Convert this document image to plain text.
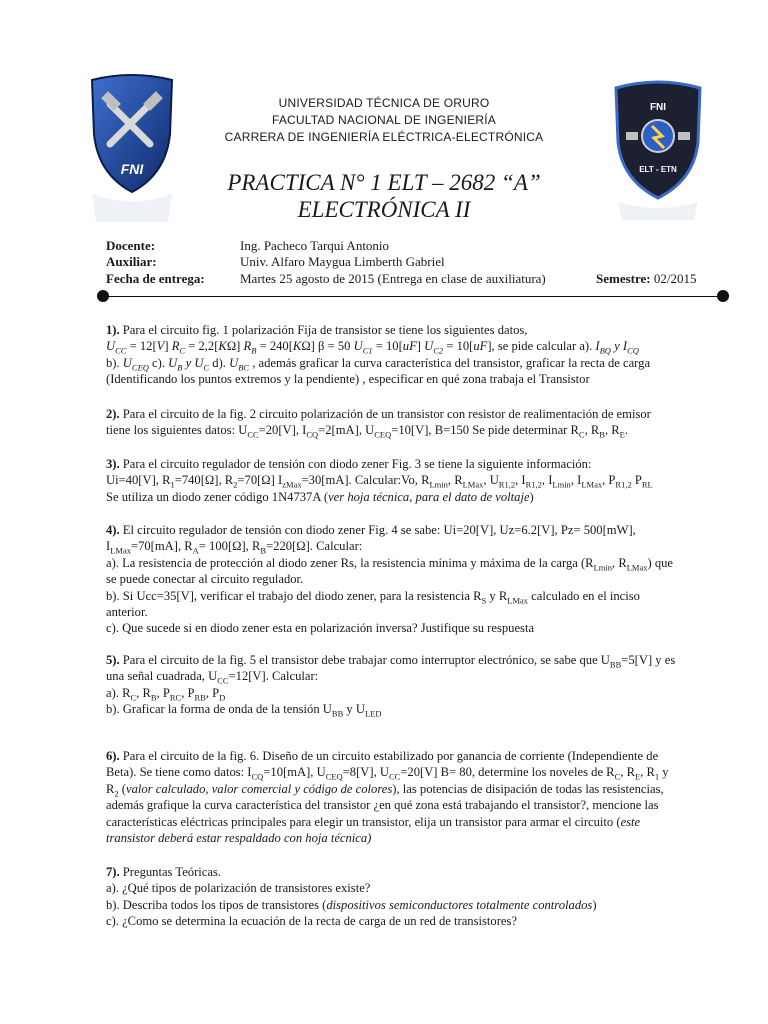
FNI
FNI
ELT - ETN
UNIVERSIDAD TÉCNICA DE ORURO
FACULTAD NACIONAL DE INGENIERÍA
CARRERA DE INGENIERÍA ELÉCTRICA-ELECTRÓNICA
PRACTICA N° 1 ELT – 2682 “A”
ELECTRÓNICA II
Docente:	Ing. Pacheco Tarqui Antonio
Auxiliar:	Univ. Alfaro Maygua Limberth Gabriel
Fecha de entrega:	Martes 25 agosto de 2015 (Entrega en clase de auxiliatura)	Semestre: 02/2015
1). Para el circuito fig. 1 polarización Fija de transistor se tiene los siguientes datos,
$U_{CC} = 12[V] R_C = 2,2[K\Omega] R_B = 240[K\Omega] \beta = 50$ $U_{C1} = 10[uF] U_{C2} = 10[uF]$, se pide calcular a). $I_{BQ}$ y $I_{CQ}$
b). $U_{CEQ}$ c). $U_B$ y $U_C$ d). $U_{BC}$ , además graficar la curva característica del transistor, graficar la recta de carga
(Identificando los puntos extremos y la pendiente) , especificar en qué zona trabaja el Transistor
2). Para el circuito de la fig. 2 circuito polarización de un transistor con resistor de realimentación de emisor
tiene los siguientes datos: $U_{CC}=20[V]$, $I_{CQ}=2[mA]$, $U_{CEQ}=10[V]$, B=150 Se pide determinar $R_C$, $R_B$, $R_E$.
3). Para el circuito regulador de tensión con diodo zener Fig. 3 se tiene la siguiente información:
Ui=40[V], $R_1=740[\Omega]$, $R_2=70[\Omega]$ $I_{zMax}=30[mA]$. Calcular:Vo, $R_{Lmin}$, $R_{LMax}$, $U_{R1,2}$, $I_{R1,2}$, $I_{Lmin}$, $I_{LMax}$, $P_{R1,2}$ $P_{RL}$
Se utiliza un diodo zener código 1N4737A (ver hoja técnica, para el dato de voltaje)
4). El circuito regulador de tensión con diodo zener Fig. 4 se sabe: Ui=20[V], Uz=6.2[V], Pz= 500[mW],
$I_{LMax}=70[mA]$, $R_A= 100[\Omega]$, $R_B=220[\Omega]$. Calcular:
a). La resistencia de protección al diodo zener Rs, la resistencia mínima y máxima de la carga ($R_{Lmin}$, $R_{LMax}$) que
se puede conectar al circuito regulador.
b). Si Ucc=35[V], verificar el trabajo del diodo zener, para la resistencia $R_S$ y $R_{LMax}$ calculado en el inciso
anterior.
c). Que sucede si en diodo zener esta en polarización inversa? Justifique su respuesta
5). Para el circuito de la fig. 5 el transistor debe trabajar como interruptor electrónico, se sabe que $U_{BB}=5[V]$ y es
una señal cuadrada, $U_{CC}=12[V]$. Calcular:
a). $R_C$, $R_B$, $P_{RC}$, $P_{RB}$, $P_D$
b). Graficar la forma de onda de la tensión $U_{BB}$ y $U_{LED}$
6). Para el circuito de la fig. 6. Diseño de un circuito estabilizado por ganancia de corriente (Independiente de
Beta). Se tiene como datos: $I_{CQ}=10[mA]$, $U_{CEQ}=8[V]$, $U_{CC}=20[V]$ B= 80, determine los noveles de $R_C$, $R_E$, $R_1$ y
$R_2$ (valor calculado, valor comercial y código de colores), las potencias de disipación de todas las resistencias,
además grafique la curva característica del transistor ¿en qué zona está trabajando el transistor?, mencione las
características eléctricas principales para elegir un transistor, elija un transistor para armar el circuito (este
transistor deberá estar respaldado con hoja técnica)
7). Preguntas Teóricas.
a). ¿Qué tipos de polarización de transistores existe?
b). Describa todos los tipos de transistores (dispositivos semiconductores totalmente controlados)
c). ¿Como se determina la ecuación de la recta de carga de un red de transistores?
